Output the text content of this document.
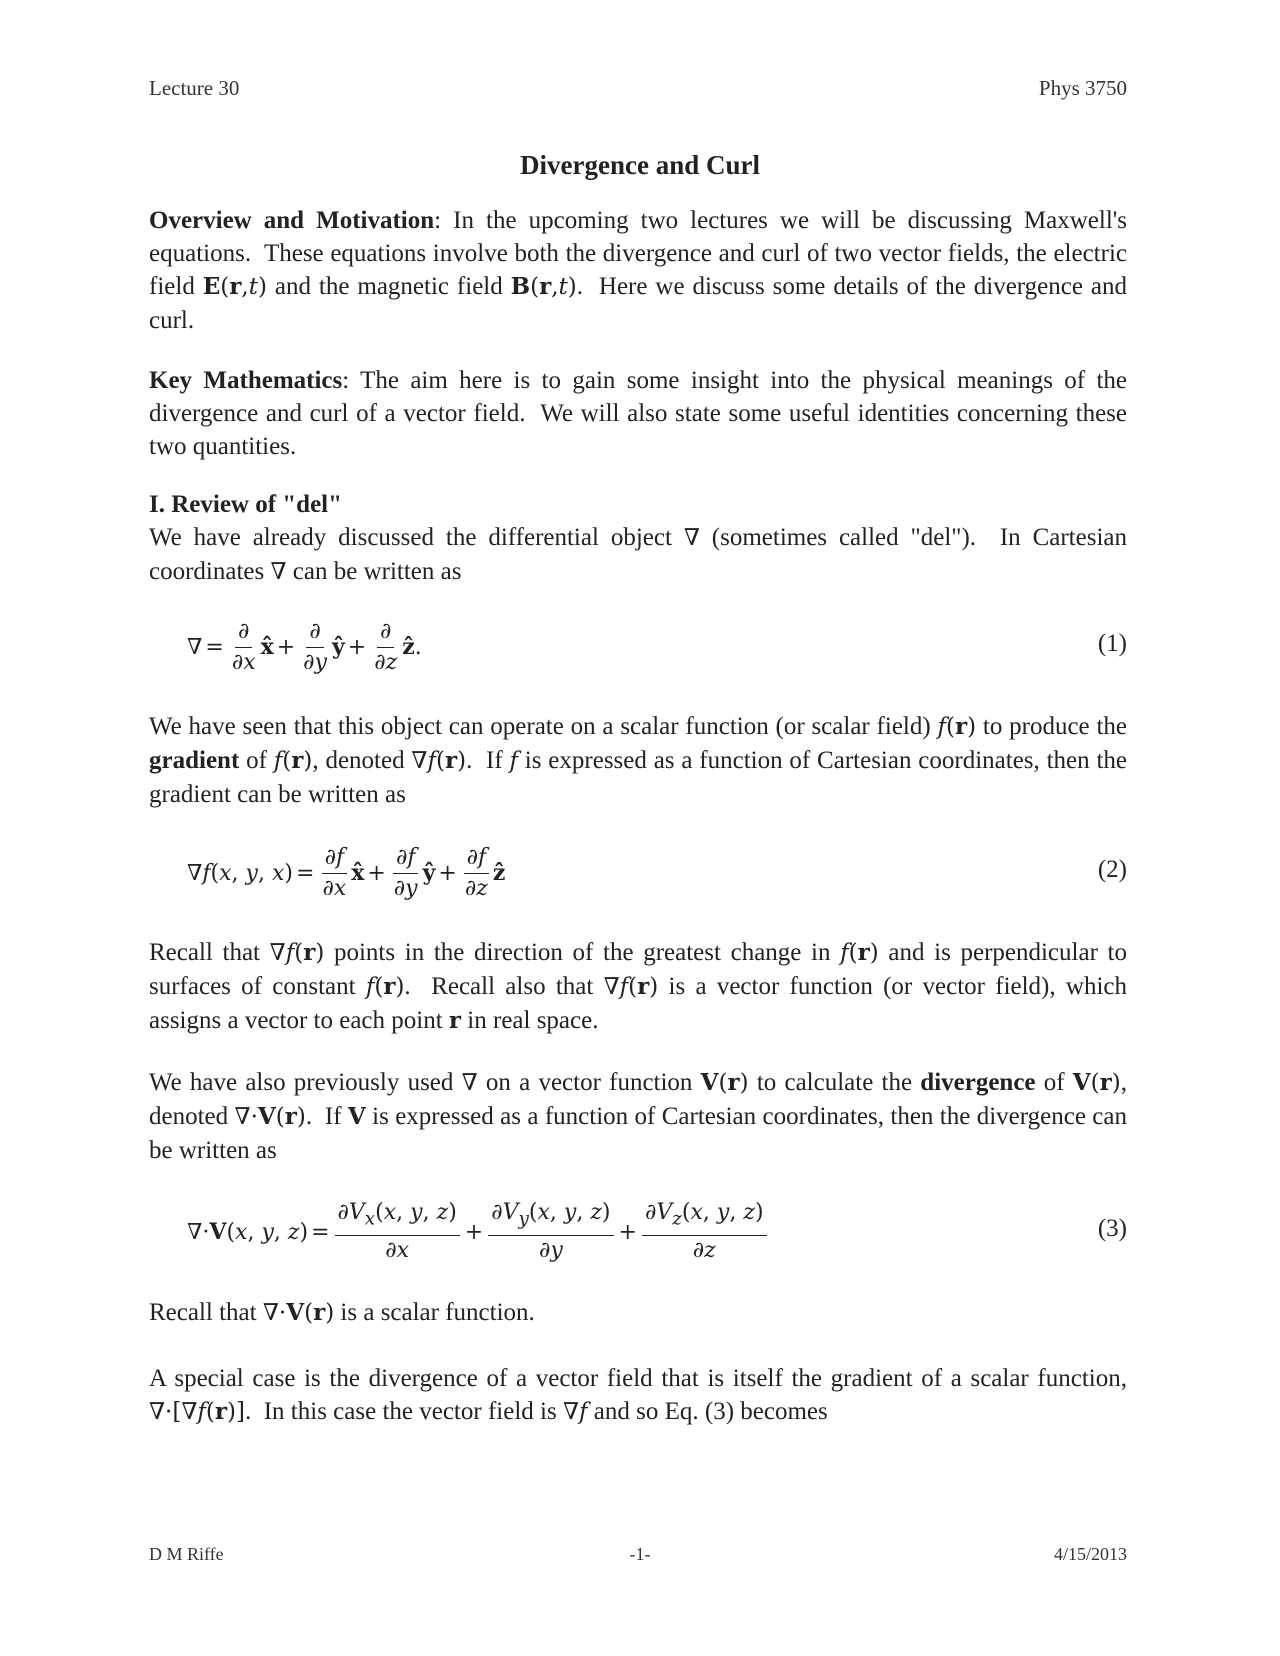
Lecture 30	Phys 3750
Divergence and Curl
Overview and Motivation: In the upcoming two lectures we will be discussing Maxwell's equations.  These equations involve both the divergence and curl of two vector fields, the electric field E(r,t) and the magnetic field B(r,t).  Here we discuss some details of the divergence and curl.
Key Mathematics: The aim here is to gain some insight into the physical meanings of the divergence and curl of a vector field.  We will also state some useful identities concerning these two quantities.
I. Review of "del"
We have already discussed the differential object ∇ (sometimes called "del").  In Cartesian coordinates ∇ can be written as
∇ = $\frac{\partial}{\partial x}$ x̂ + $\frac{\partial}{\partial y}$ ŷ + $\frac{\partial}{\partial z}$ ẑ .	(1)
We have seen that this object can operate on a scalar function (or scalar field) f(r) to produce the gradient of f(r), denoted ∇f(r).  If f is expressed as a function of Cartesian coordinates, then the gradient can be written as
∇f(x, y, $x) = \frac{\partial f}{\partial x}$ x̂ + $\frac{\partial f}{\partial y}$ ŷ + $\frac{\partial f}{\partial z}$ ẑ	(2)
Recall that ∇f(r) points in the direction of the greatest change in f(r) and is perpendicular to surfaces of constant f(r).  Recall also that ∇f(r) is a vector function (or vector field), which assigns a vector to each point r in real space.
We have also previously used ∇ on a vector function V(r) to calculate the divergence of V(r), denoted ∇·V(r).  If V is expressed as a function of Cartesian coordinates, then the divergence can be written as
∇·V(x, y, $z) = \frac{\partial V_x(x, y, z)}{\partial x} + \frac{\partial V_y(x, y, z)}{\partial y} + \frac{\partial V_z(x, y, z)}{\partial z}$	(3)
Recall that ∇·V(r) is a scalar function.
A special case is the divergence of a vector field that is itself the gradient of a scalar function, ∇·[∇f(r)].  In this case the vector field is ∇f and so Eq. (3) becomes
D M Riffe	-1-	4/15/2013
